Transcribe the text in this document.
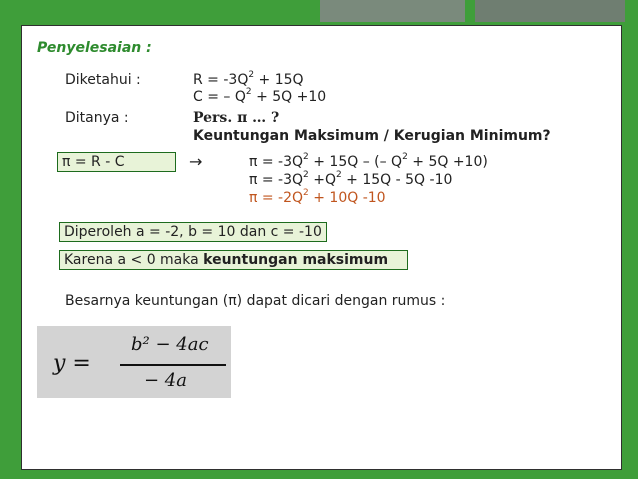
Penyelesaian :
Diketahui :	$R = -3Q^2 + 15Q$
C = – $Q^2 + 5Q +10$
Ditanya :	Pers. π … ?
Keuntungan Maksimum / Kerugian Minimum?
π = R - C	→	$\pi = -3Q^2 + 15Q$ – (– $Q^2 + 5Q +10$)
$\pi = -3Q^2 +Q^2 + 15Q - 5Q$ -10
$\pi = -2Q^2 + 10Q$ -10
Diperoleh a = -2, b = 10 dan c = -10
Karena a < 0 maka keuntungan maksimum
Besarnya keuntungan (π) dapat dicari dengan rumus :
y =
b² − 4ac
− 4a
